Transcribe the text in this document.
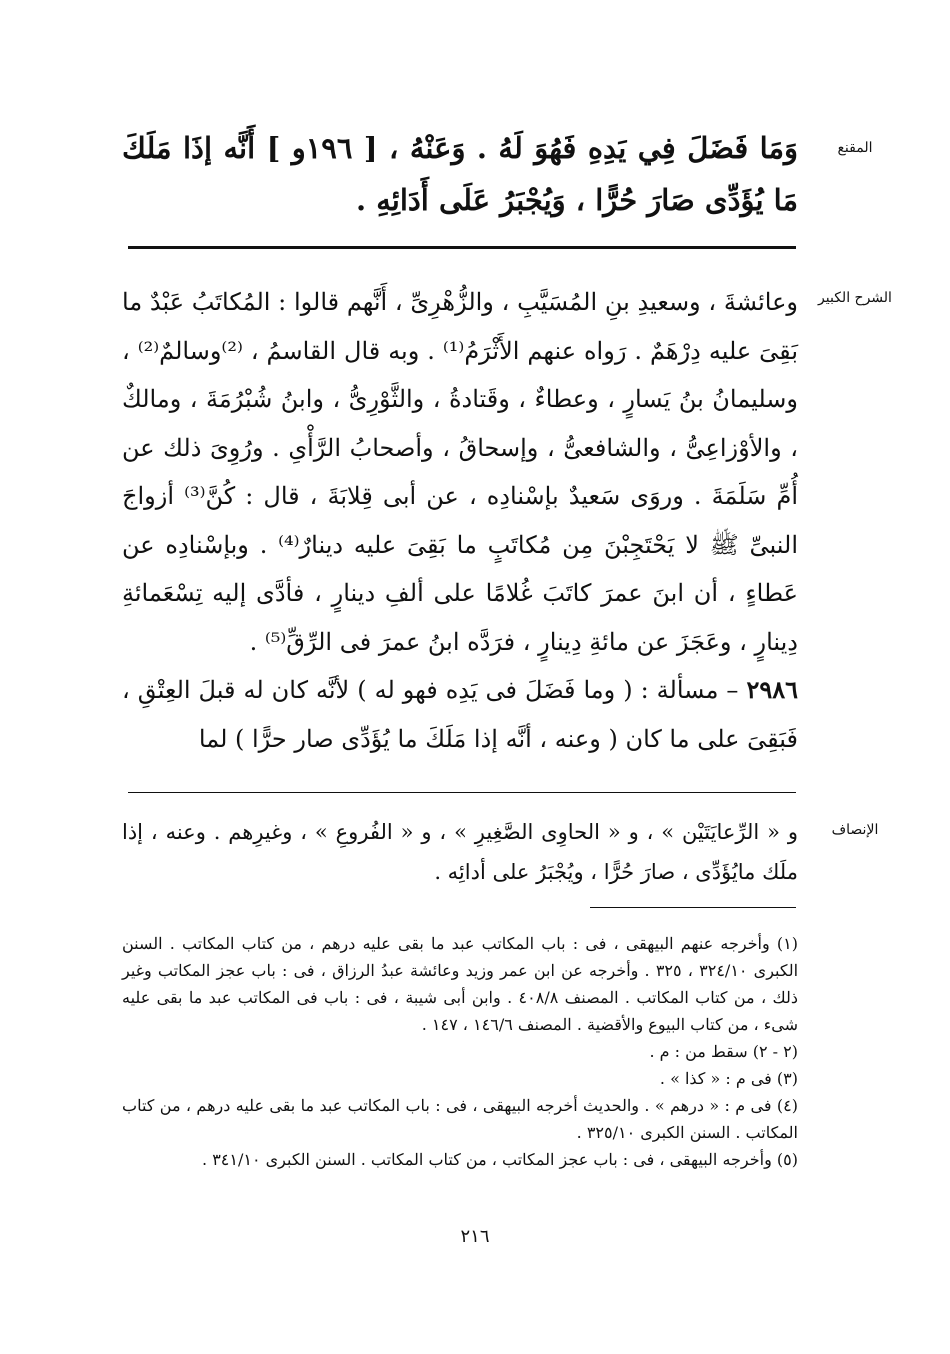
المقنع
وَمَا فَضَلَ فِي يَدِهِ فَهُوَ لَهُ . وَعَنْهُ ، [ ١٩٦و ] أَنَّه إذَا مَلَكَ مَا يُؤَدِّى صَارَ حُرًّا ، وَيُجْبَرُ عَلَى أَدَائِهِ .
الشرح الكبير

وعائشةَ ، وسعيدِ بنِ المُسَيَّبِ ، والزُّهْرِىِّ ، أَنَّهم قالوا : المُكاتَبُ عَبْدٌ ما بَقِىَ عليه دِرْهَمٌ . رَواه عنهم الأَثْرَمُ⁽¹⁾ . وبه قال القاسمُ ، ⁽²⁾وسالمٌ⁽²⁾ ، وسليمانُ بنُ يَسارٍ ، وعطاءٌ ، وقَتادةُ ، والثَّوْرِىُّ ، وابنُ شُبْرُمَةَ ، ومالكٌ ، والأوْزاعِىُّ ، والشافعىُّ ، وإسحاقُ ، وأصحابُ الرَّأْىِ . ورُوِىَ ذلك عن أُمِّ سَلَمَةَ . وروَى سَعيدٌ بإسْنادِه ، عن أبى قِلابَةَ ، قال : كُنَّ⁽³⁾ أزواجَ النبىِّ ﷺ لا يَحْتَجِبْنَ مِن مُكاتَبٍ ما بَقِىَ عليه دينارٌ⁽⁴⁾ . وبإسْنادِه عن عَطاءٍ ، أن ابنَ عمرَ كاتَبَ غُلامًا على ألفِ دينارٍ ، فأدَّى إليه تِسْعَمائةِ دِينارٍ ، وعَجَزَ عن مائةِ دِينارٍ ، فرَدَّه ابنُ عمرَ فى الرِّقِّ⁽⁵⁾ .

٢٩٨٦ – مسألة : ( وما فَضَلَ فى يَدِه فهو له ) لأنَّه كان له قبلَ العِتْقِ ، فَبَقِىَ على ما كان ( وعنه ، أنَّه إذا مَلَكَ ما يُؤَدِّى صار حرًّا ) لما

الإنصاف
و « الرِّعايَتَيْن » ، و « الحاوِى الصَّغِيرِ » ، و « الفُروعِ » ، وغيرِهم . وعنه ، إذا ملَك مايُؤَدِّى ، صارَ حُرًّا ، ويُجْبَرُ على أدائِه .
(١) وأخرجه عنهم البيهقى ، فى : باب المكاتب عبد ما بقى عليه درهم ، من كتاب المكاتب . السنن الكبرى ٣٢٤/١٠ ، ٣٢٥ . وأخرجه عن ابن عمر وزيد وعائشة عبدُ الرزاق ، فى : باب عجز المكاتب وغير ذلك ، من كتاب المكاتب . المصنف ٤٠٨/٨ . وابن أبى شيبة ، فى : باب فى المكاتب عبد ما بقى عليه شىء ، من كتاب البيوع والأقضية . المصنف ١٤٦/٦ ، ١٤٧ .
(٢ - ٢) سقط من : م .
(٣) فى م : « كذا » .
(٤) فى م : « درهم » . والحديث أخرجه البيهقى ، فى : باب المكاتب عبد ما بقى عليه درهم ، من كتاب المكاتب . السنن الكبرى ٣٢٥/١٠ .
(٥) وأخرجه البيهقى ، فى : باب عجز المكاتب ، من كتاب المكاتب . السنن الكبرى ٣٤١/١٠ .
٢١٦
